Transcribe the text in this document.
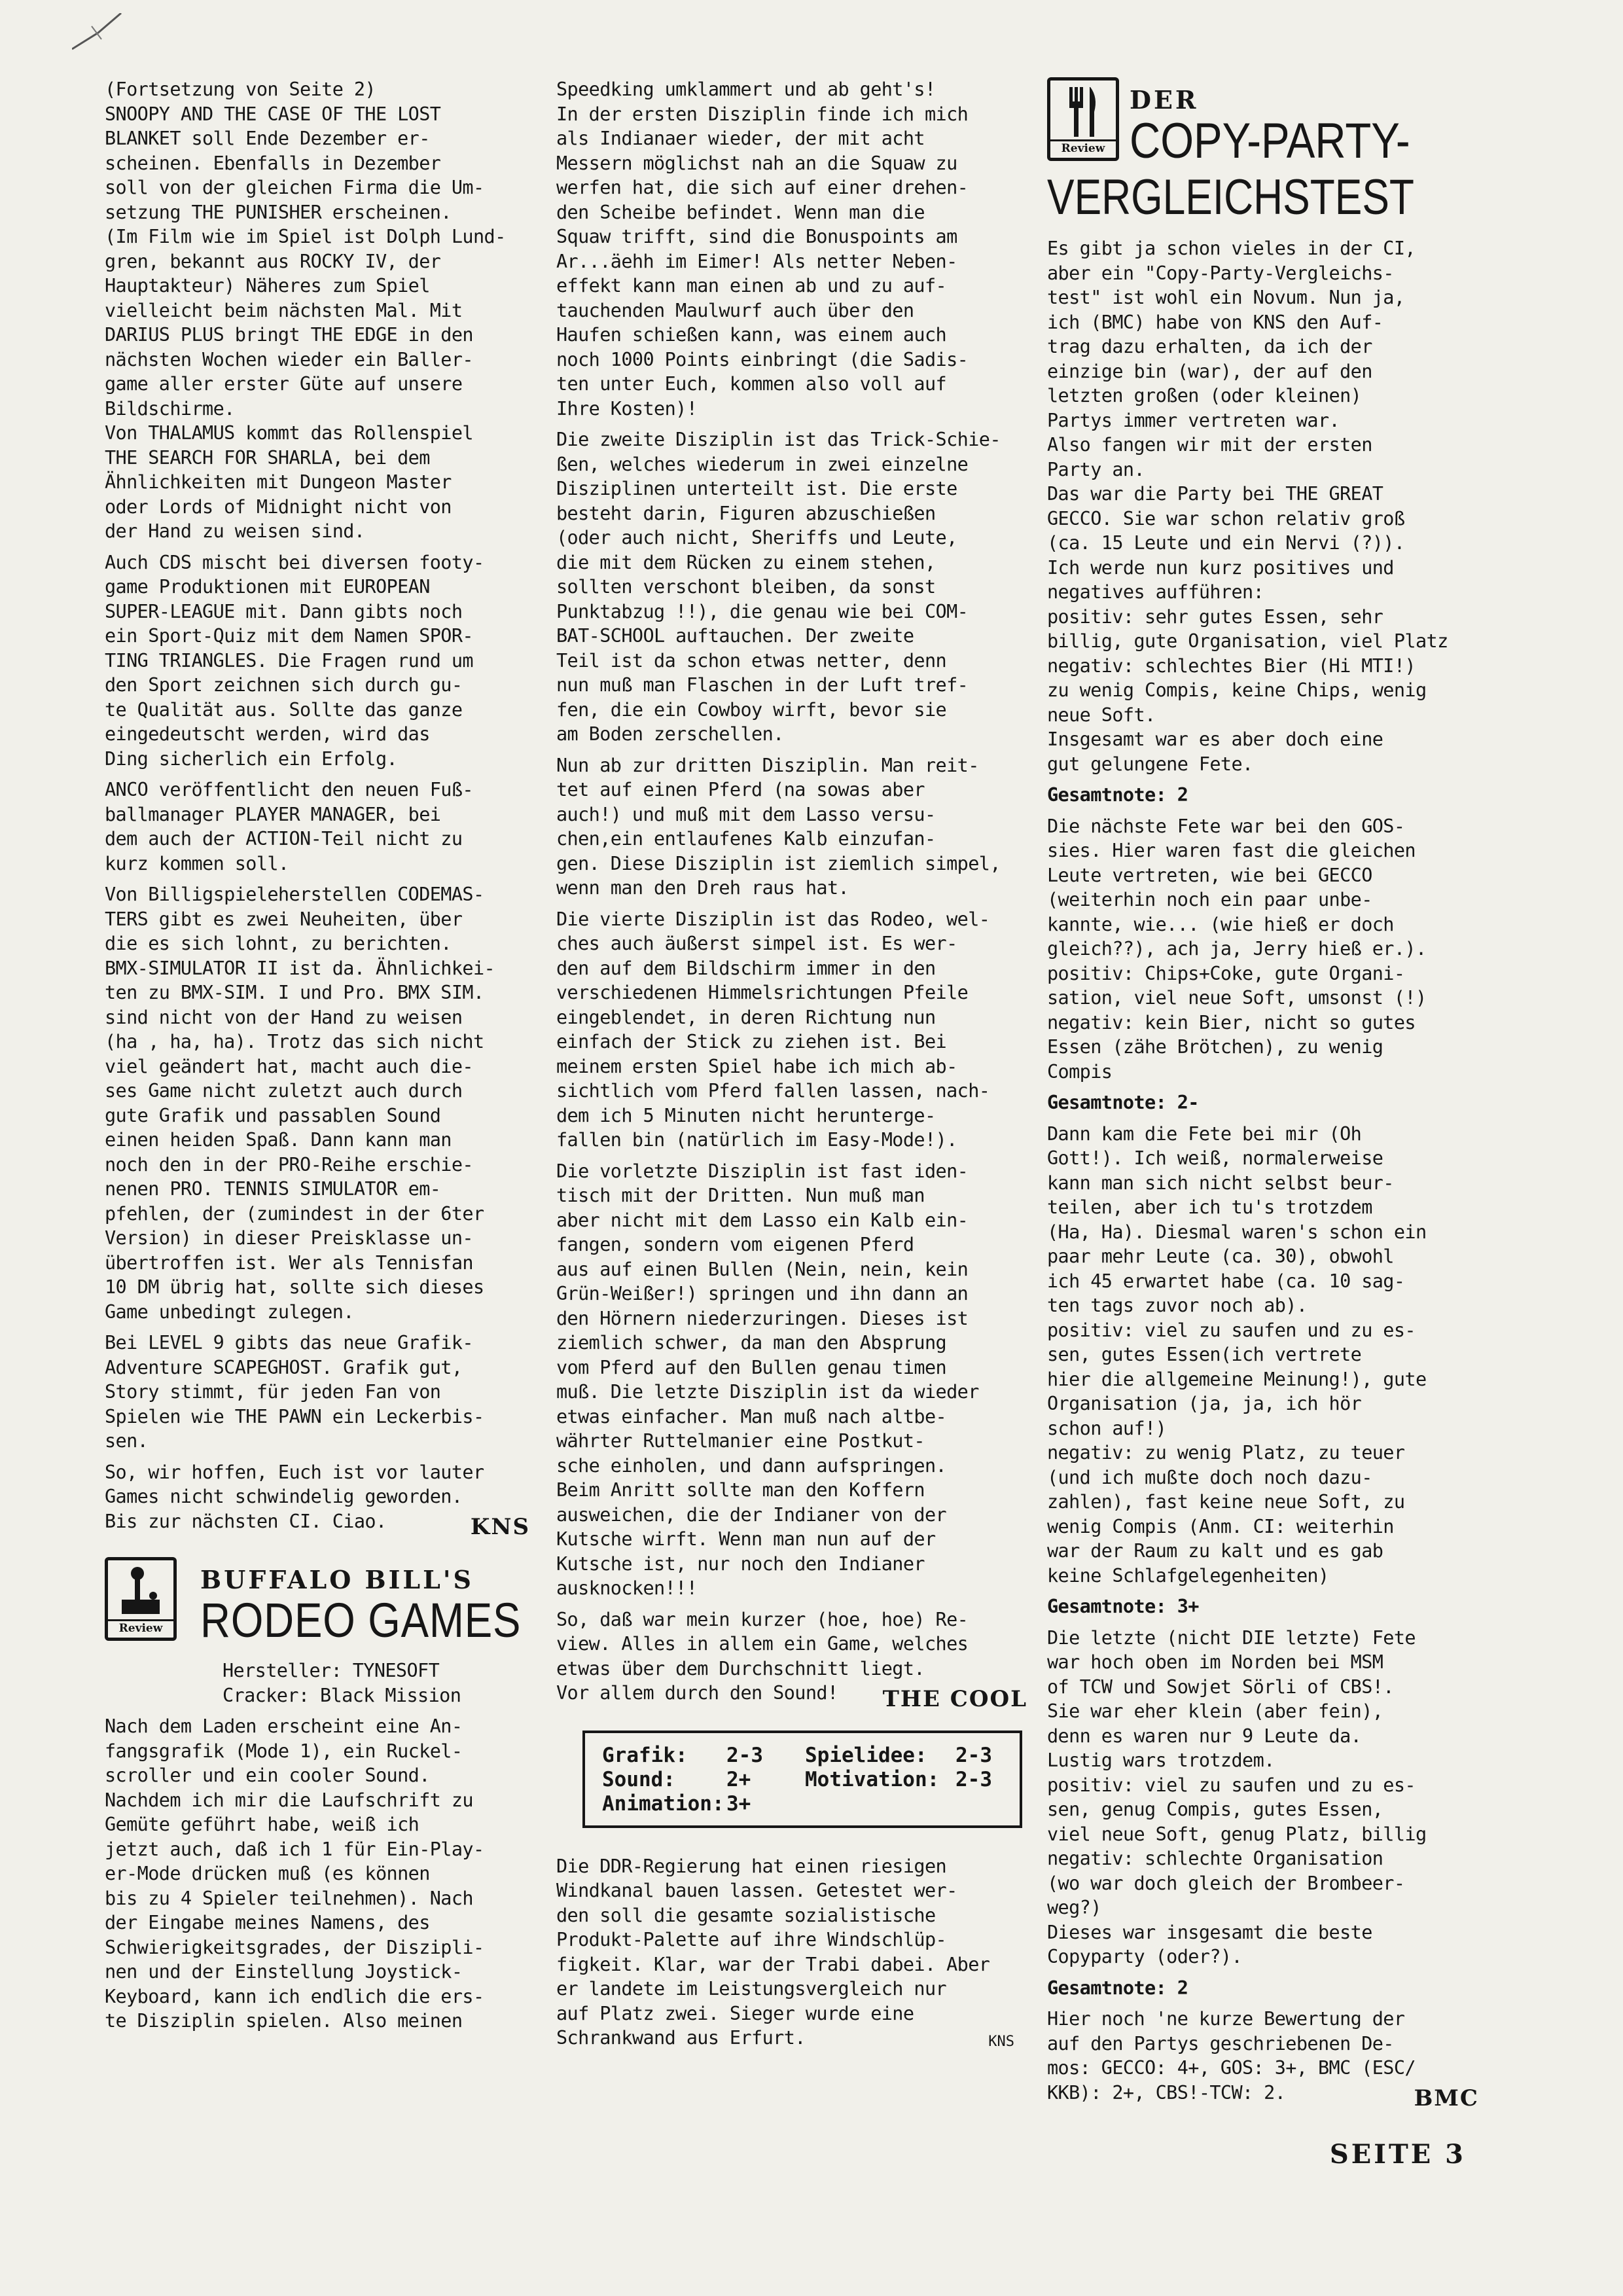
(Fortsetzung von Seite 2)
SNOOPY AND THE CASE OF THE LOST
BLANKET soll Ende Dezember er-
scheinen. Ebenfalls in Dezember
soll von der gleichen Firma die Um-
setzung THE PUNISHER erscheinen.
(Im Film wie im Spiel ist Dolph Lund-
gren, bekannt aus ROCKY IV, der
Hauptakteur) Näheres zum Spiel
vielleicht beim nächsten Mal. Mit
DARIUS PLUS bringt THE EDGE in den
nächsten Wochen wieder ein Baller-
game aller erster Güte auf unsere
Bildschirme.
Von THALAMUS kommt das Rollenspiel
THE SEARCH FOR SHARLA, bei dem
Ähnlichkeiten mit Dungeon Master
oder Lords of Midnight nicht von
der Hand zu weisen sind.

Auch CDS mischt bei diversen footy-
game Produktionen mit EUROPEAN
SUPER-LEAGUE mit. Dann gibts noch
ein Sport-Quiz mit dem Namen SPOR-
TING TRIANGLES. Die Fragen rund um
den Sport zeichnen sich durch gu-
te Qualität aus. Sollte das ganze
eingedeutscht werden, wird das
Ding sicherlich ein Erfolg.

ANCO veröffentlicht den neuen Fuß-
ballmanager PLAYER MANAGER, bei
dem auch der ACTION-Teil nicht zu
kurz kommen soll.

Von Billigspieleherstellen CODEMAS-
TERS gibt es zwei Neuheiten, über
die es sich lohnt, zu berichten.
BMX-SIMULATOR II ist da. Ähnlichkei-
ten zu BMX-SIM. I und Pro. BMX SIM.
sind nicht von der Hand zu weisen
(ha , ha, ha). Trotz das sich nicht
viel geändert hat, macht auch die-
ses Game nicht zuletzt auch durch
gute Grafik und passablen Sound
einen heiden Spaß. Dann kann man
noch den in der PRO-Reihe erschie-
nenen PRO. TENNIS SIMULATOR em-
pfehlen, der (zumindest in der 6ter
Version) in dieser Preisklasse un-
übertroffen ist. Wer als Tennisfan
10 DM übrig hat, sollte sich dieses
Game unbedingt zulegen.

Bei LEVEL 9 gibts das neue Grafik-
Adventure SCAPEGHOST. Grafik gut,
Story stimmt, für jeden Fan von
Spielen wie THE PAWN ein Leckerbis-
sen.

So, wir hoffen, Euch ist vor lauter
Games nicht schwindelig geworden.
Bis zur nächsten CI. Ciao.	KNS
Review
BUFFALO BILL'S
RODEO GAMES

Hersteller: TYNESOFT
Cracker: Black Mission

Nach dem Laden erscheint eine An-
fangsgrafik (Mode 1), ein Ruckel-
scroller und ein cooler Sound.
Nachdem ich mir die Laufschrift zu
Gemüte geführt habe, weiß ich
jetzt auch, daß ich 1 für Ein-Play-
er-Mode drücken muß (es können
bis zu 4 Spieler teilnehmen). Nach
der Eingabe meines Namens, des
Schwierigkeitsgrades, der Diszipli-
nen und der Einstellung Joystick-
Keyboard, kann ich endlich die ers-
te Disziplin spielen. Also meinen

Speedking umklammert und ab geht's!
In der ersten Disziplin finde ich mich
als Indianaer wieder, der mit acht
Messern möglichst nah an die Squaw zu
werfen hat, die sich auf einer drehen-
den Scheibe befindet. Wenn man die
Squaw trifft, sind die Bonuspoints am
Ar...äehh im Eimer! Als netter Neben-
effekt kann man einen ab und zu auf-
tauchenden Maulwurf auch über den
Haufen schießen kann, was einem auch
noch 1000 Points einbringt (die Sadis-
ten unter Euch, kommen also voll auf
Ihre Kosten)!

Die zweite Disziplin ist das Trick-Schie-
ßen, welches wiederum in zwei einzelne
Disziplinen unterteilt ist. Die erste
besteht darin, Figuren abzuschießen
(oder auch nicht, Sheriffs und Leute,
die mit dem Rücken zu einem stehen,
sollten verschont bleiben, da sonst
Punktabzug !!), die genau wie bei COM-
BAT-SCHOOL auftauchen. Der zweite
Teil ist da schon etwas netter, denn
nun muß man Flaschen in der Luft tref-
fen, die ein Cowboy wirft, bevor sie
am Boden zerschellen.

Nun ab zur dritten Disziplin. Man reit-
tet auf einen Pferd (na sowas aber
auch!) und muß mit dem Lasso versu-
chen,ein entlaufenes Kalb einzufan-
gen. Diese Disziplin ist ziemlich simpel,
wenn man den Dreh raus hat.

Die vierte Disziplin ist das Rodeo, wel-
ches auch äußerst simpel ist. Es wer-
den auf dem Bildschirm immer in den
verschiedenen Himmelsrichtungen Pfeile
eingeblendet, in deren Richtung nun
einfach der Stick zu ziehen ist. Bei
meinem ersten Spiel habe ich mich ab-
sichtlich vom Pferd fallen lassen, nach-
dem ich 5 Minuten nicht herunterge-
fallen bin (natürlich im Easy-Mode!).

Die vorletzte Disziplin ist fast iden-
tisch mit der Dritten. Nun muß man
aber nicht mit dem Lasso ein Kalb ein-
fangen, sondern vom eigenen Pferd
aus auf einen Bullen (Nein, nein, kein
Grün-Weißer!) springen und ihn dann an
den Hörnern niederzuringen. Dieses ist
ziemlich schwer, da man den Absprung
vom Pferd auf den Bullen genau timen
muß. Die letzte Disziplin ist da wieder
etwas einfacher. Man muß nach altbe-
währter Ruttelmanier eine Postkut-
sche einholen, und dann aufspringen.
Beim Anritt sollte man den Koffern
ausweichen, die der Indianer von der
Kutsche wirft. Wenn man nun auf der
Kutsche ist, nur noch den Indianer
ausknocken!!!

So, daß war mein kurzer (hoe, hoe) Re-
view. Alles in allem ein Game, welches
etwas über dem Durchschnitt liegt.
Vor allem durch den Sound!	THE COOL
Grafik:	2-3	Spielidee:	2-3
Sound:	2+	Motivation: 2-3
Animation: 3+

Die DDR-Regierung hat einen riesigen
Windkanal bauen lassen. Getestet wer-
den soll die gesamte sozialistische
Produkt-Palette auf ihre Windschlüp-
figkeit. Klar, war der Trabi dabei. Aber
er landete im Leistungsvergleich nur
auf Platz zwei. Sieger wurde eine
Schrankwand aus Erfurt.	KNS
Review
DER
COPY-PARTY-
VERGLEICHSTEST

Es gibt ja schon vieles in der CI,
aber ein "Copy-Party-Vergleichs-
test" ist wohl ein Novum. Nun ja,
ich (BMC) habe von KNS den Auf-
trag dazu erhalten, da ich der
einzige bin (war), der auf den
letzten großen (oder kleinen)
Partys immer vertreten war.
Also fangen wir mit der ersten
Party an.
Das war die Party bei THE GREAT
GECCO. Sie war schon relativ groß
(ca. 15 Leute und ein Nervi (?)).
Ich werde nun kurz positives und
negatives aufführen:
positiv: sehr gutes Essen, sehr
billig, gute Organisation, viel Platz
negativ: schlechtes Bier (Hi MTI!)
zu wenig Compis, keine Chips, wenig
neue Soft.
Insgesamt war es aber doch eine
gut gelungene Fete.

Gesamtnote: 2

Die nächste Fete war bei den GOS-
sies. Hier waren fast die gleichen
Leute vertreten, wie bei GECCO
(weiterhin noch ein paar unbe-
kannte, wie... (wie hieß er doch
gleich??), ach ja, Jerry hieß er.).
positiv: Chips+Coke, gute Organi-
sation, viel neue Soft, umsonst (!)
negativ: kein Bier, nicht so gutes
Essen (zähe Brötchen), zu wenig
Compis

Gesamtnote: 2-

Dann kam die Fete bei mir (Oh
Gott!). Ich weiß, normalerweise
kann man sich nicht selbst beur-
teilen, aber ich tu's trotzdem
(Ha, Ha). Diesmal waren's schon ein
paar mehr Leute (ca. 30), obwohl
ich 45 erwartet habe (ca. 10 sag-
ten tags zuvor noch ab).
positiv: viel zu saufen und zu es-
sen, gutes Essen(ich vertrete
hier die allgemeine Meinung!), gute
Organisation (ja, ja, ich hör
schon auf!)
negativ: zu wenig Platz, zu teuer
(und ich mußte doch noch dazu-
zahlen), fast keine neue Soft, zu
wenig Compis (Anm. CI: weiterhin
war der Raum zu kalt und es gab
keine Schlafgelegenheiten)

Gesamtnote: 3+

Die letzte (nicht DIE letzte) Fete
war hoch oben im Norden bei MSM
of TCW und Sowjet Sörli of CBS!.
Sie war eher klein (aber fein),
denn es waren nur 9 Leute da.
Lustig wars trotzdem.
positiv: viel zu saufen und zu es-
sen, genug Compis, gutes Essen,
viel neue Soft, genug Platz, billig
negativ: schlechte Organisation
(wo war doch gleich der Brombeer-
weg?)
Dieses war insgesamt die beste
Copyparty (oder?).

Gesamtnote: 2

Hier noch 'ne kurze Bewertung der
auf den Partys geschriebenen De-
mos: GECCO: 4+, GOS: 3+, BMC (ESC/
KKB): 2+, CBS!-TCW: 2.	BMC
SEITE 3
